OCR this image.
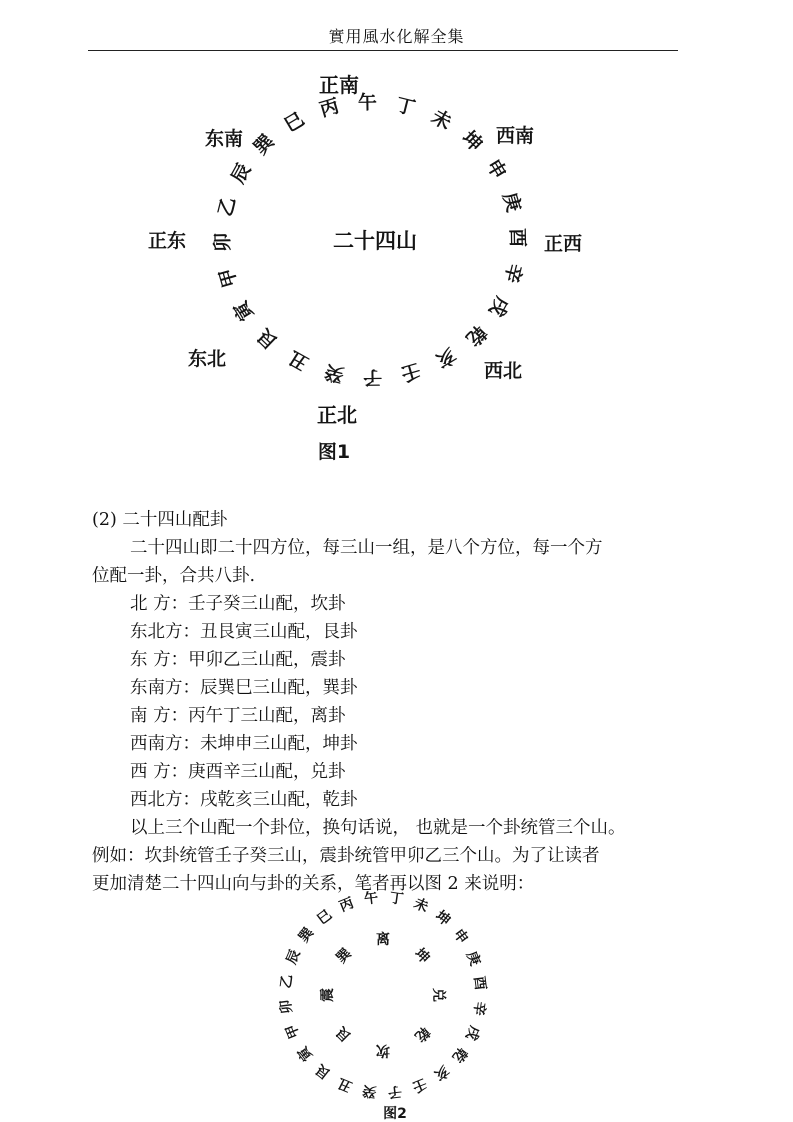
實用風水化解全集
丙 午 丁 未
坤
申
庚
酉
辛
戌
乾
亥
壬
子
癸
丑
艮
寅
甲
卯
乙
辰
巽
巳
二十四山
正南
西南
正西
西北
正北
东北
正东
东南
图1
(2) 二十四山配卦
二十四山即二十四方位，每三山一组，是八个方位，每一个方
位配一卦，合共八卦.
北 方：壬子癸三山配，坎卦
东北方：丑艮寅三山配，艮卦
东 方：甲卯乙三山配，震卦
东南方：辰巽巳三山配，巽卦
南 方：丙午丁三山配，离卦
西南方：未坤申三山配，坤卦
西 方：庚酉辛三山配，兑卦
西北方：戌乾亥三山配，乾卦
以上三个山配一个卦位，换句话说， 也就是一个卦统管三个山。
例如：坎卦统管壬子癸三山，震卦统管甲卯乙三个山。为了让读者
更加清楚二十四山向与卦的关系，笔者再以图 2 来说明：
丙 午 丁 未
坤
申
庚
酉
辛
戌
乾
亥
壬
子
癸
丑
艮
寅
甲
卯
乙
辰
巽
巳
离
坤
兑
乾
坎
艮
震
巽
图2
